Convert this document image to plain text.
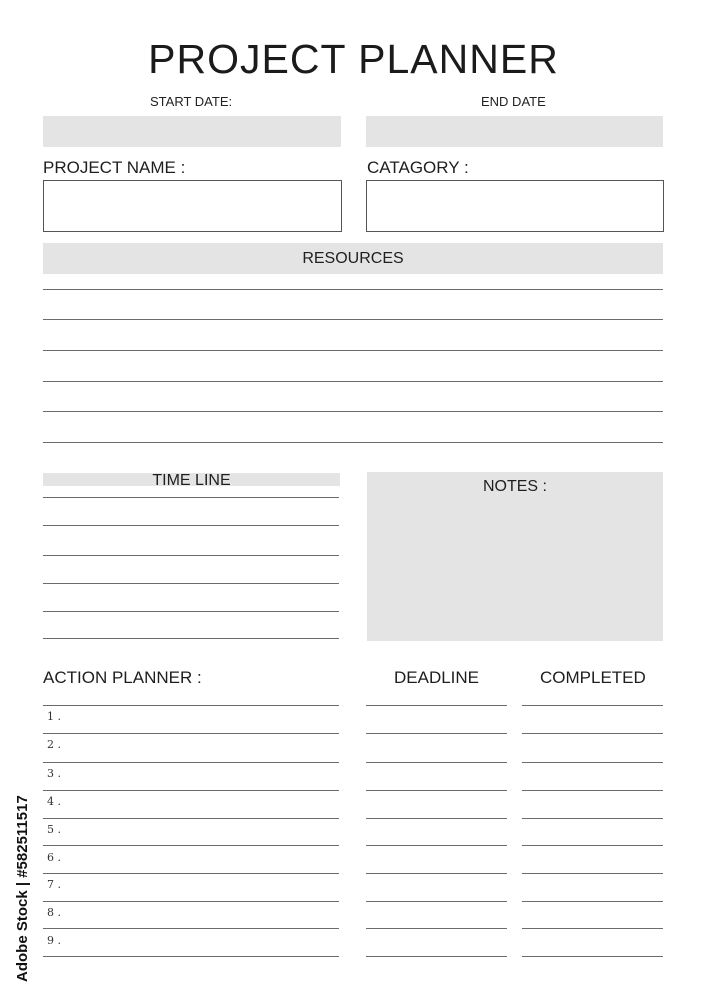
PROJECT PLANNER
START DATE:	END DATE
PROJECT NAME :	CATAGORY :
RESOURCES
TIME LINE	NOTES :
ACTION PLANNER :	DEADLINE	COMPLETED
1 .
2 .
3 .
4 .
5 .
6 .
7 .
8 .
9 .
Adobe Stock | #582511517
